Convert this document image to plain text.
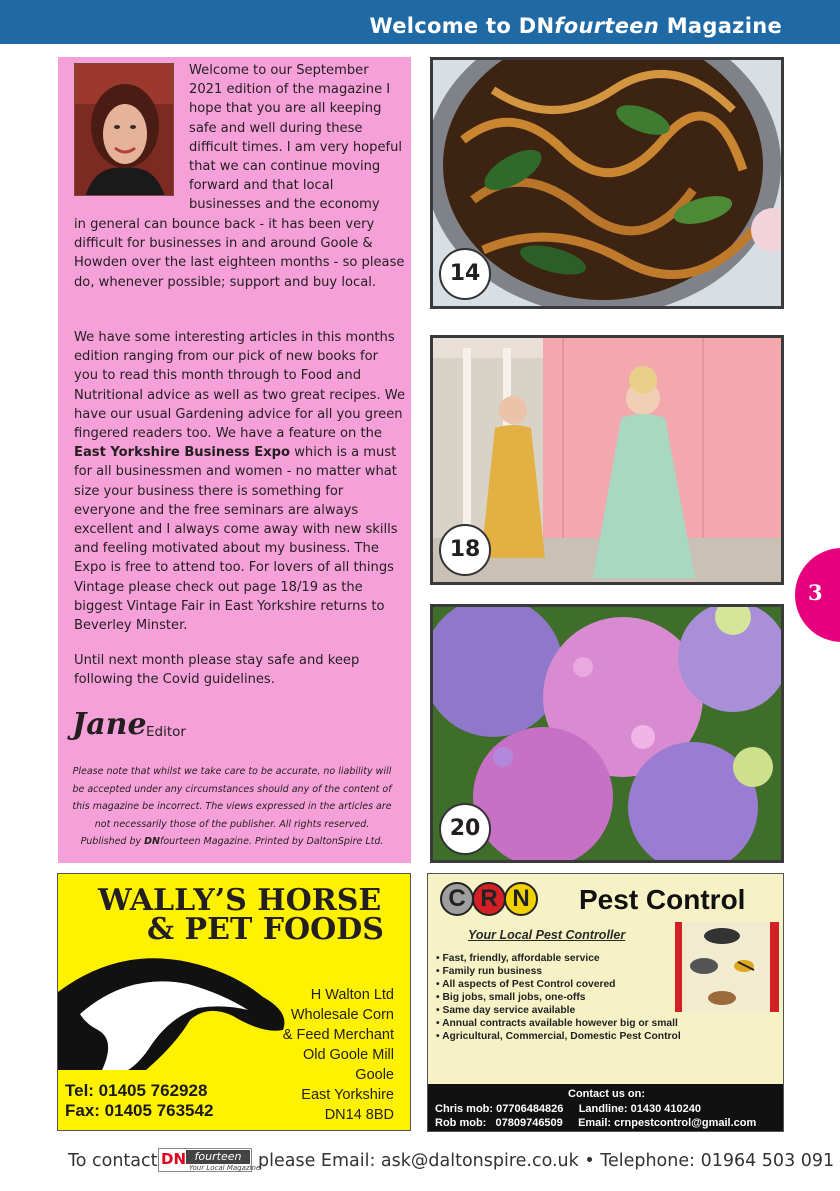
Welcome to DNfourteen Magazine
Welcome to our September 2021 edition of the magazine I hope that you are all keeping safe and well during these difficult times. I am very hopeful that we can continue moving forward and that local businesses and the economy
in general can bounce back - it has been very difficult for businesses in and around Goole & Howden over the last eighteen months - so please do, whenever possible; support and buy local.
We have some interesting articles in this months edition ranging from our pick of new books for you to read this month through to Food and Nutritional advice as well as two great recipes. We have our usual Gardening advice for all you green fingered readers too. We have a feature on the East Yorkshire Business Expo which is a must for all businessmen and women - no matter what size your business there is something for everyone and the free seminars are always excellent and I always come away with new skills and feeling motivated about my business. The Expo is free to attend too. For lovers of all things Vintage please check out page 18/19 as the biggest Vintage Fair in East Yorkshire returns to Beverley Minster.
Until next month please stay safe and keep following the Covid guidelines.
Jane Editor
Please note that whilst we take care to be accurate, no liability will be accepted under any circumstances should any of the content of this magazine be incorrect. The views expressed in the articles are not necessarily those of the publisher. All rights reserved. Published by DNfourteen Magazine. Printed by DaltonSpire Ltd.
14
18
20
3
WALLY’S HORSE
& PET FOODS
H Walton Ltd
Wholesale Corn
& Feed Merchant
Old Goole Mill
Goole
East Yorkshire
DN14 8BD
Tel: 01405 762928
Fax: 01405 763542
C R N Pest Control
Your Local Pest Controller
• Fast, friendly, affordable service
• Family run business
• All aspects of Pest Control covered
• Big jobs, small jobs, one-offs
• Same day service available
• Annual contracts available however big or small
• Agricultural, Commercial, Domestic Pest Control
Contact us on:
Chris mob: 07706484826     Landline: 01430 410240
Rob mob:   07809746509     Email: crnpestcontrol@gmail.com
To contact DN fourteen
Your Local Magazine
please Email: ask@daltonspire.co.uk • Telephone: 01964 503 091
